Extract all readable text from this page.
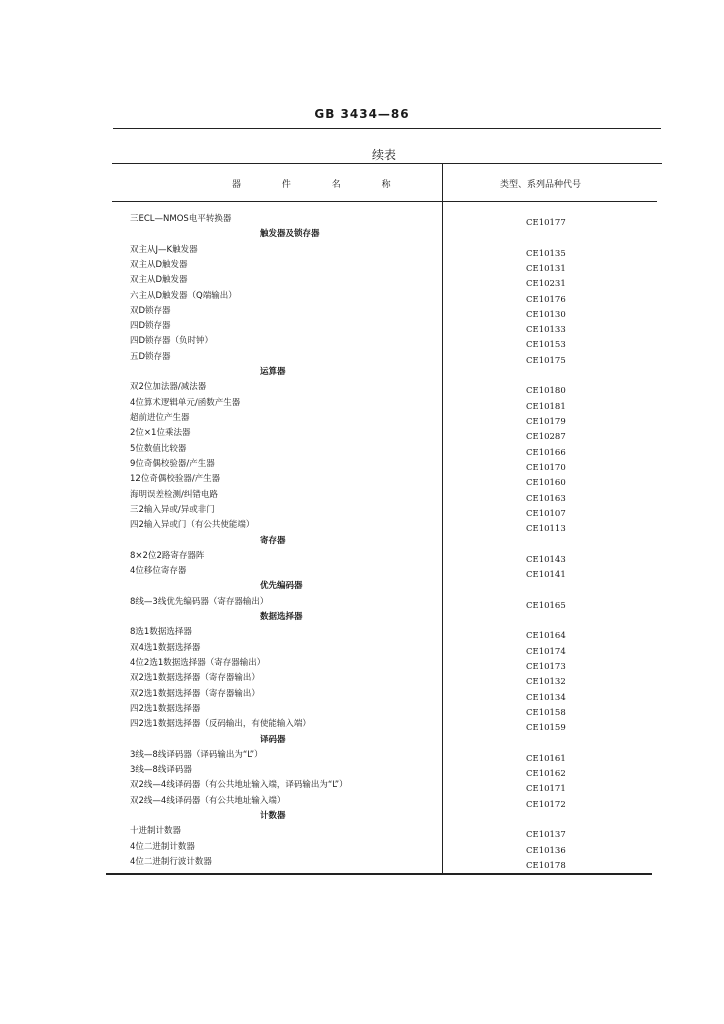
GB 3434—86
续表
器 件 名 称	类型、系列品种代号
三ECL—NMOS电平转换器	CE10177
触发器及锁存器
双主从J—K触发器	CE10135
双主从D触发器	CE10131
双主从D触发器	CE10231
六主从D触发器（Q端输出）	CE10176
双D锁存器	CE10130
四D锁存器	CE10133
四D锁存器（负时钟）	CE10153
五D锁存器	CE10175
运算器
双2位加法器/减法器	CE10180
4位算术逻辑单元/函数产生器	CE10181
超前进位产生器	CE10179
2位×1位乘法器	CE10287
5位数值比较器	CE10166
9位奇偶校验器/产生器	CE10170
12位奇偶校验器/产生器	CE10160
海明误差检测/纠错电路	CE10163
三2输入异或/异或非门	CE10107
四2输入异或门（有公共使能端）	CE10113
寄存器
8×2位2路寄存器阵	CE10143
4位移位寄存器	CE10141
优先编码器
8线—3线优先编码器（寄存器输出）	CE10165
数据选择器
8选1数据选择器	CE10164
双4选1数据选择器	CE10174
4位2选1数据选择器（寄存器输出）	CE10173
双2选1数据选择器（寄存器输出）	CE10132
双2选1数据选择器（寄存器输出）	CE10134
四2选1数据选择器	CE10158
四2选1数据选择器（反码输出，有使能输入端）	CE10159
译码器
3线—8线译码器（译码输出为“L”）	CE10161
3线—8线译码器	CE10162
双2线—4线译码器（有公共地址输入端，译码输出为“L”）	CE10171
双2线—4线译码器（有公共地址输入端）	CE10172
计数器
十进制计数器	CE10137
4位二进制计数器	CE10136
4位二进制行波计数器	CE10178
